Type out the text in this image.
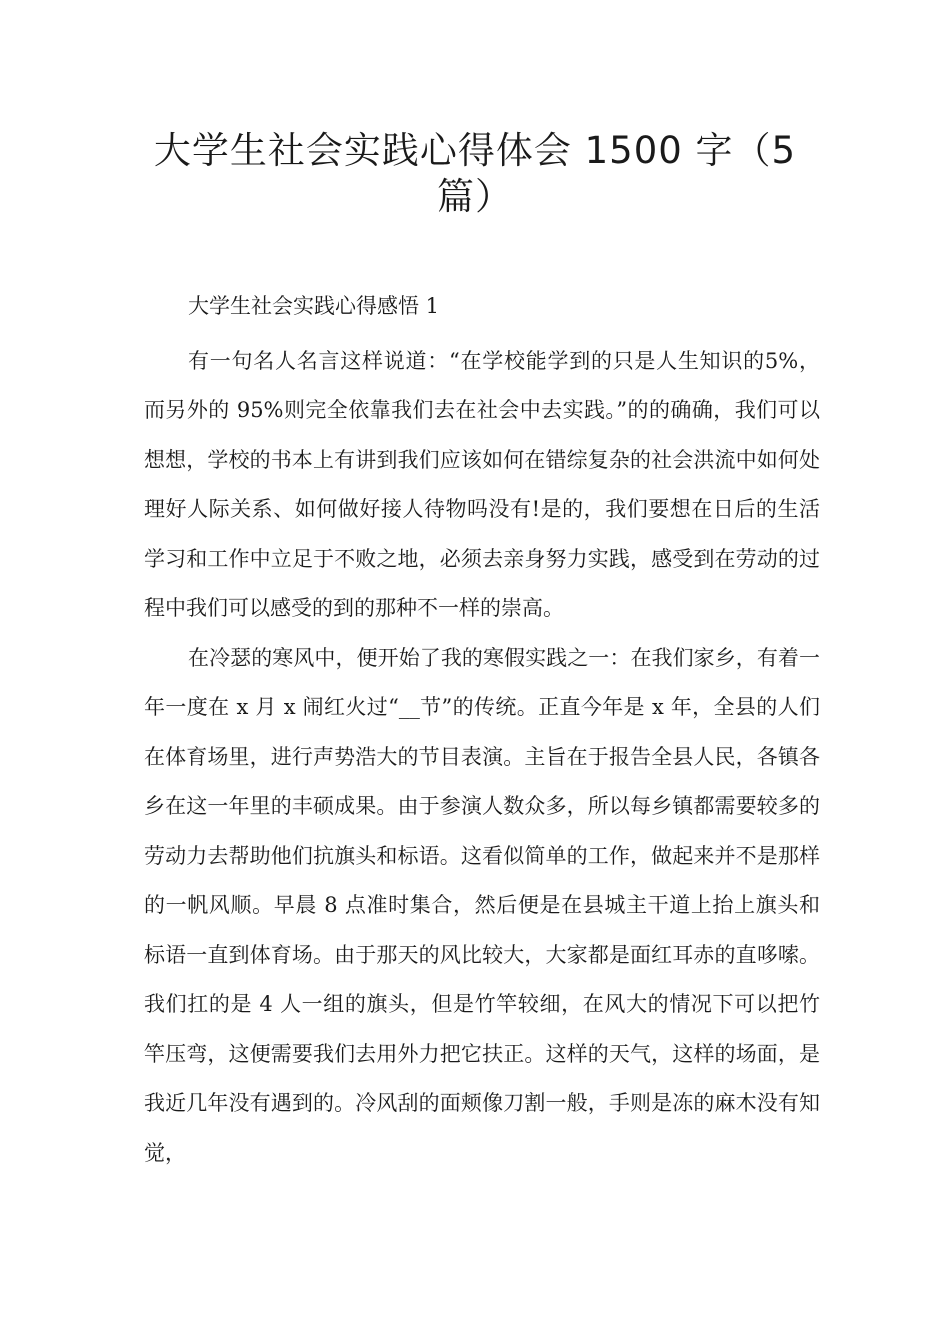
大学生社会实践心得体会 1500 字（5 篇）

大学生社会实践心得感悟 1

有一句名人名言这样说道：“在学校能学到的只是人生知识的5%，而另外的 95%则完全依靠我们去在社会中去实践。”的的确确，我们可以想想，学校的书本上有讲到我们应该如何在错综复杂的社会洪流中如何处理好人际关系、如何做好接人待物吗没有!是的，我们要想在日后的生活学习和工作中立足于不败之地，必须去亲身努力实践，感受到在劳动的过程中我们可以感受的到的那种不一样的崇高。

在冷瑟的寒风中，便开始了我的寒假实践之一：在我们家乡，有着一年一度在 x 月 x 闹红火过“__节”的传统。正直今年是 x 年，全县的人们在体育场里，进行声势浩大的节目表演。主旨在于报告全县人民，各镇各乡在这一年里的丰硕成果。由于参演人数众多，所以每乡镇都需要较多的劳动力去帮助他们抗旗头和标语。这看似简单的工作，做起来并不是那样的一帆风顺。早晨 8 点准时集合，然后便是在县城主干道上抬上旗头和标语一直到体育场。由于那天的风比较大，大家都是面红耳赤的直哆嗦。我们扛的是 4 人一组的旗头，但是竹竿较细，在风大的情况下可以把竹竿压弯，这便需要我们去用外力把它扶正。这样的天气，这样的场面，是我近几年没有遇到的。冷风刮的面颊像刀割一般，手则是冻的麻木没有知觉，
